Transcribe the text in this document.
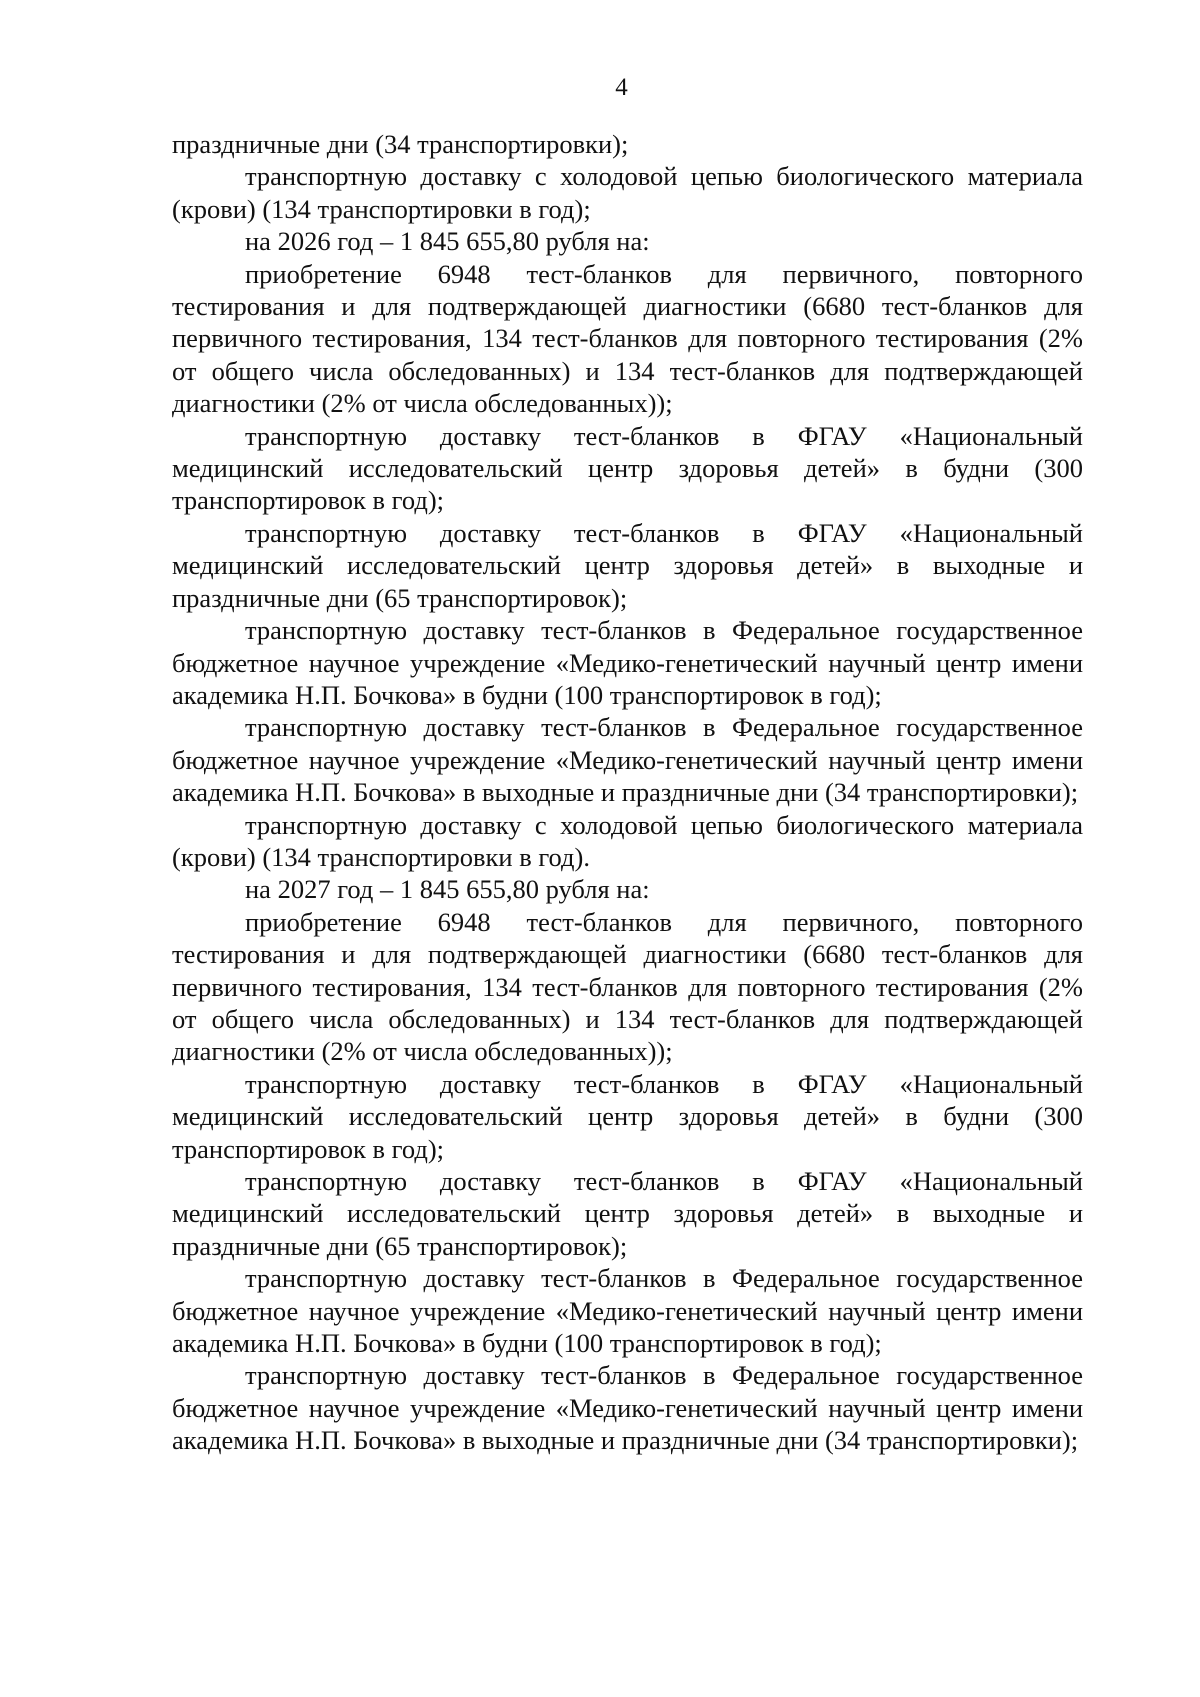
4

праздничные дни (34 транспортировки);

транспортную доставку с холодовой цепью биологического материала (крови) (134 транспортировки в год);

на 2026 год – 1 845 655,80 рубля на:

приобретение 6948 тест-бланков для первичного, повторного тестирования и для подтверждающей диагностики (6680 тест-бланков для первичного тестирования, 134 тест-бланков для повторного тестирования (2% от общего числа обследованных) и 134 тест-бланков для подтверждающей диагностики (2% от числа обследованных));

транспортную доставку тест-бланков в ФГАУ «Национальный медицинский исследовательский центр здоровья детей» в будни (300 транспортировок в год);

транспортную доставку тест-бланков в ФГАУ «Национальный медицинский исследовательский центр здоровья детей» в выходные и праздничные дни (65 транспортировок);

транспортную доставку тест-бланков в Федеральное государственное бюджетное научное учреждение «Медико-генетический научный центр имени академика Н.П. Бочкова» в будни (100 транспортировок в год);

транспортную доставку тест-бланков в Федеральное государственное бюджетное научное учреждение «Медико-генетический научный центр имени академика Н.П. Бочкова» в выходные и праздничные дни (34 транспортировки);

транспортную доставку с холодовой цепью биологического материала (крови) (134 транспортировки в год).

на 2027 год – 1 845 655,80 рубля на:

приобретение 6948 тест-бланков для первичного, повторного тестирования и для подтверждающей диагностики (6680 тест-бланков для первичного тестирования, 134 тест-бланков для повторного тестирования (2% от общего числа обследованных) и 134 тест-бланков для подтверждающей диагностики (2% от числа обследованных));

транспортную доставку тест-бланков в ФГАУ «Национальный медицинский исследовательский центр здоровья детей» в будни (300 транспортировок в год);

транспортную доставку тест-бланков в ФГАУ «Национальный медицинский исследовательский центр здоровья детей» в выходные и праздничные дни (65 транспортировок);

транспортную доставку тест-бланков в Федеральное государственное бюджетное научное учреждение «Медико-генетический научный центр имени академика Н.П. Бочкова» в будни (100 транспортировок в год);

транспортную доставку тест-бланков в Федеральное государственное бюджетное научное учреждение «Медико-генетический научный центр имени академика Н.П. Бочкова» в выходные и праздничные дни (34 транспортировки);
